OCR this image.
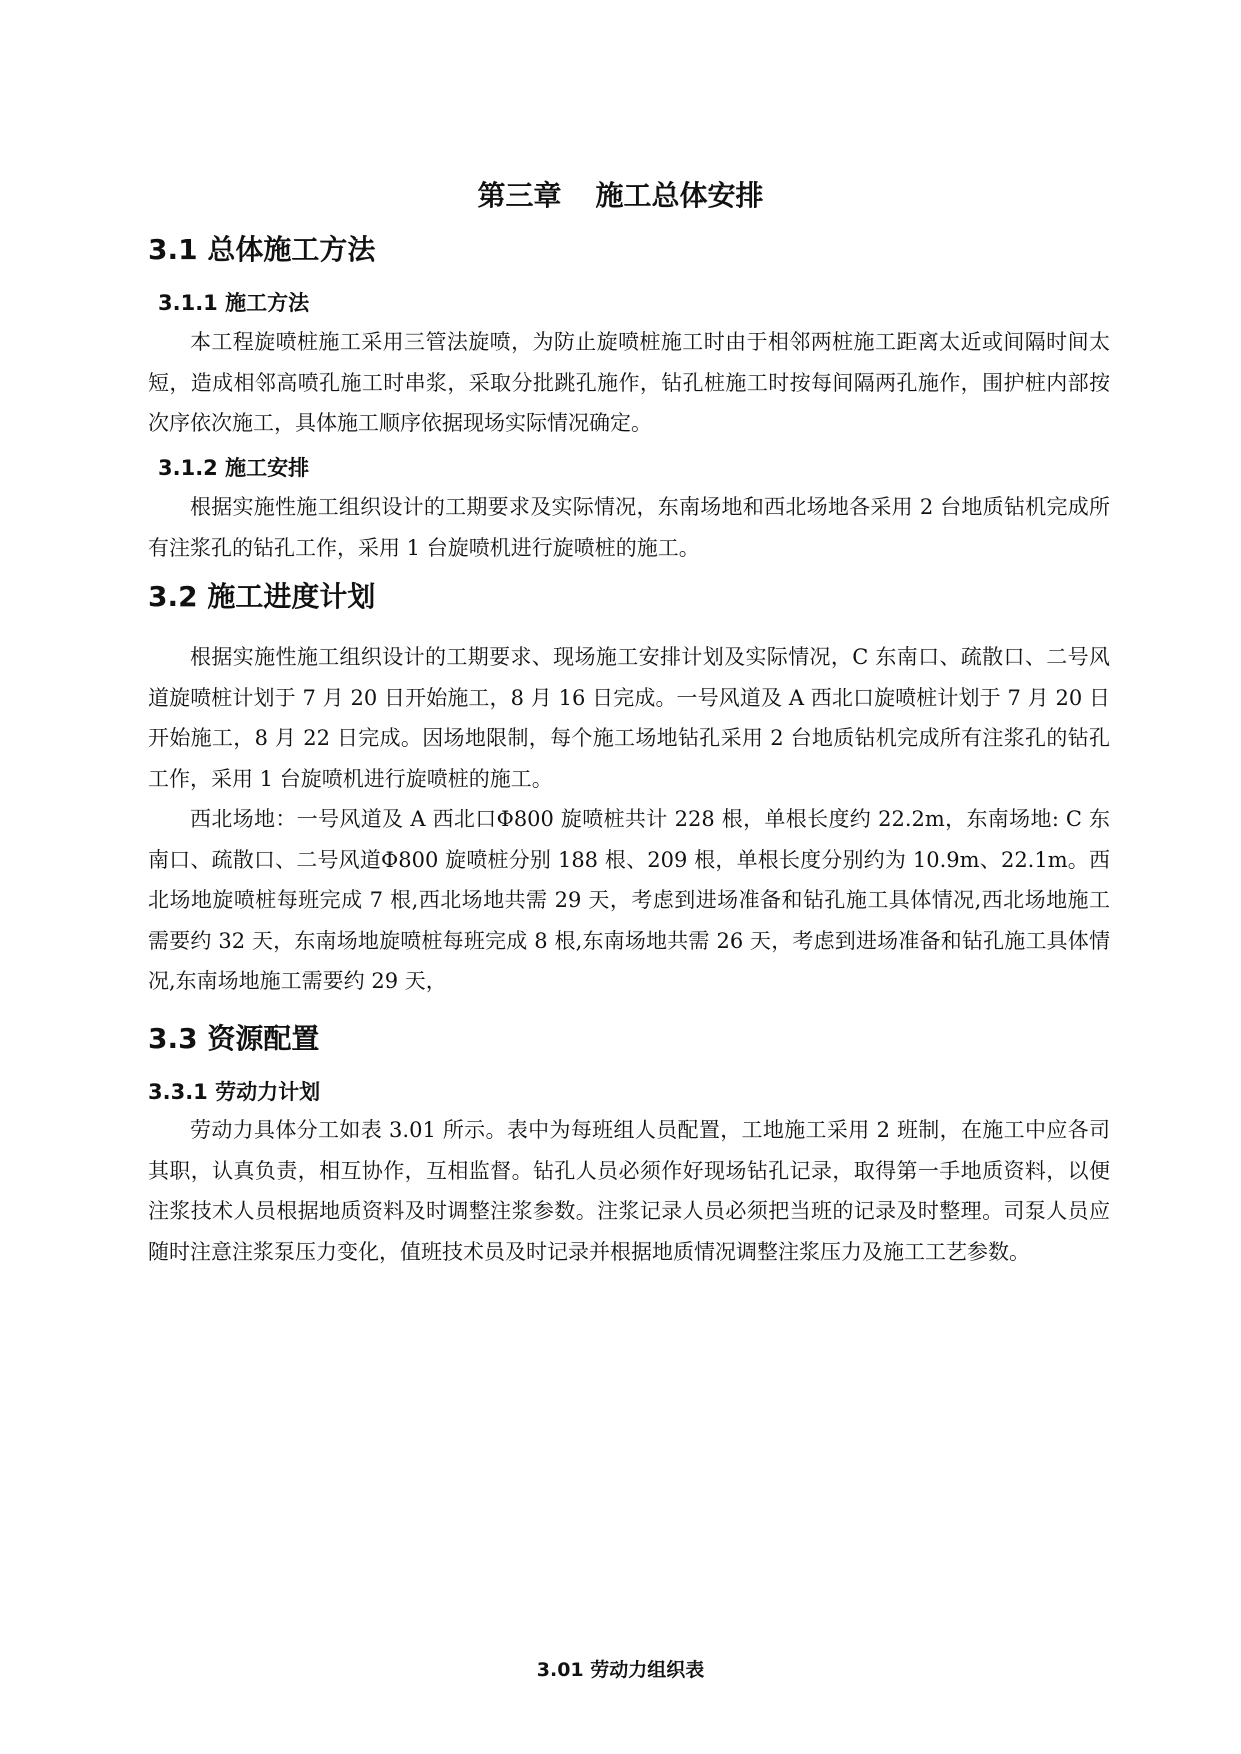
第三章 施工总体安排
3.1 总体施工方法
3.1.1 施工方法

本工程旋喷桩施工采用三管法旋喷，为防止旋喷桩施工时由于相邻两桩施工距离太近或间隔时间太短，造成相邻高喷孔施工时串浆，采取分批跳孔施作，钻孔桩施工时按每间隔两孔施作，围护桩内部按次序依次施工，具体施工顺序依据现场实际情况确定。

3.1.2 施工安排

根据实施性施工组织设计的工期要求及实际情况，东南场地和西北场地各采用 2 台地质钻机完成所有注浆孔的钻孔工作，采用 1 台旋喷机进行旋喷桩的施工。

3.2 施工进度计划

根据实施性施工组织设计的工期要求、现场施工安排计划及实际情况，C 东南口、疏散口、二号风道旋喷桩计划于 7 月 20 日开始施工，8 月 16 日完成。一号风道及 A 西北口旋喷桩计划于 7 月 20 日开始施工，8 月 22 日完成。因场地限制，每个施工场地钻孔采用 2 台地质钻机完成所有注浆孔的钻孔工作，采用 1 台旋喷机进行旋喷桩的施工。

西北场地：一号风道及 A 西北口Φ800 旋喷桩共计 228 根，单根长度约 22.2m，东南场地: C 东南口、疏散口、二号风道Φ800 旋喷桩分别 188 根、209 根，单根长度分别约为 10.9m、22.1m。西北场地旋喷桩每班完成 7 根,西北场地共需 29 天，考虑到进场准备和钻孔施工具体情况,西北场地施工需要约 32 天，东南场地旋喷桩每班完成 8 根,东南场地共需 26 天，考虑到进场准备和钻孔施工具体情况,东南场地施工需要约 29 天，

3.3 资源配置
3.3.1 劳动力计划

劳动力具体分工如表 3.01 所示。表中为每班组人员配置，工地施工采用 2 班制，在施工中应各司其职，认真负责，相互协作，互相监督。钻孔人员必须作好现场钻孔记录，取得第一手地质资料，以便注浆技术人员根据地质资料及时调整注浆参数。注浆记录人员必须把当班的记录及时整理。司泵人员应随时注意注浆泵压力变化，值班技术员及时记录并根据地质情况调整注浆压力及施工工艺参数。

3.01 劳动力组织表
